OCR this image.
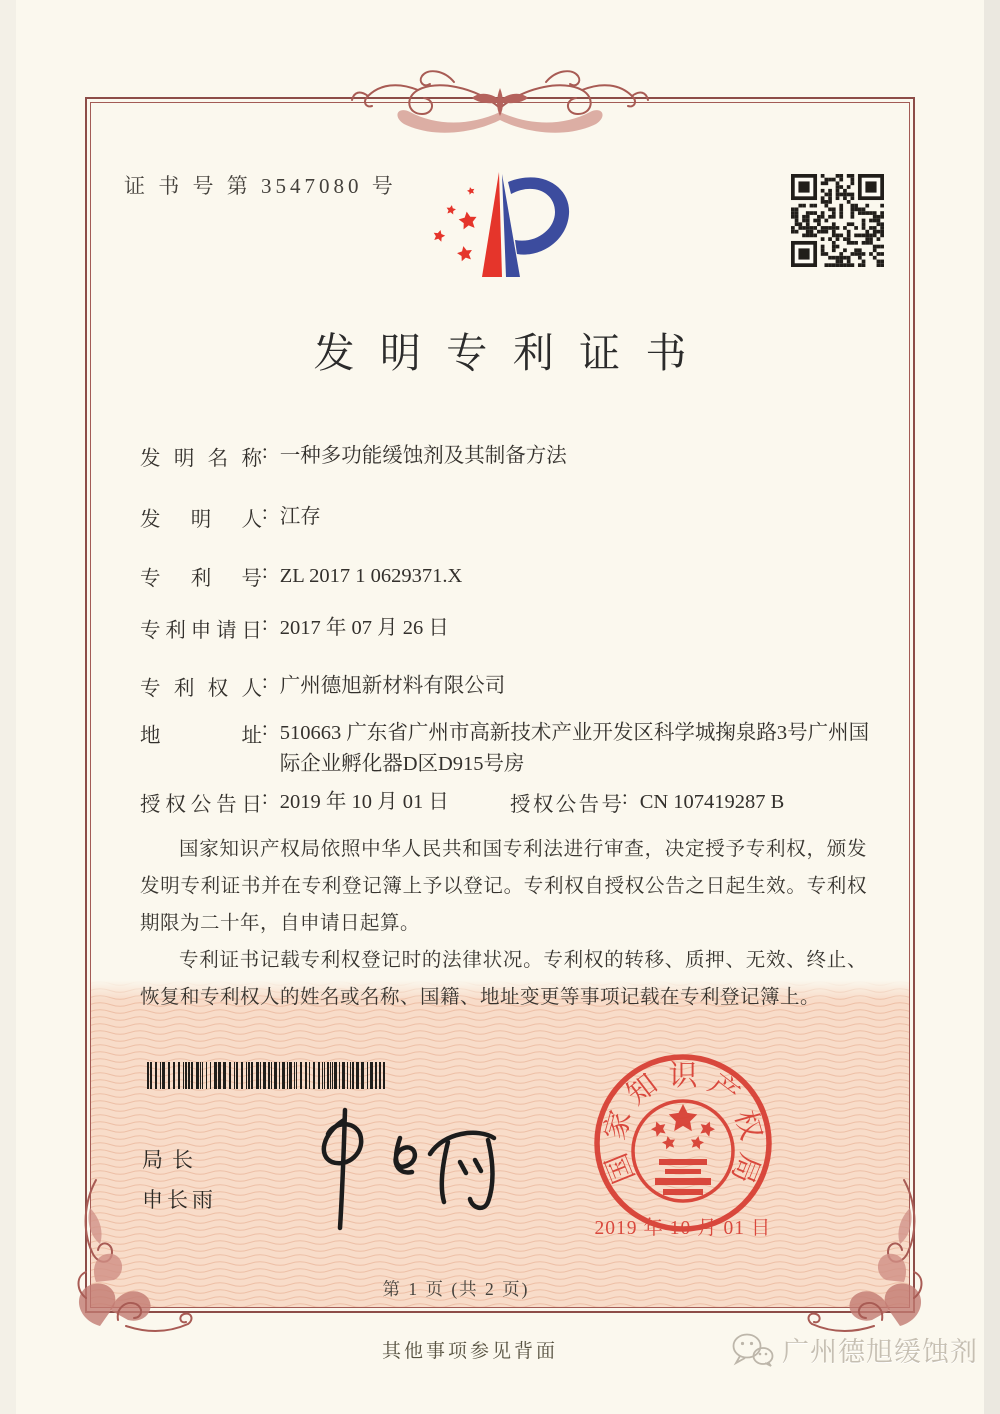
证 书 号 第 3547080 号
发明专利证书
发明名称: 一种多功能缓蚀剂及其制备方法
发明人: 江存
专利号: ZL 2017 1 0629371.X
专利申请日: 2017 年 07 月 26 日
专利权人: 广州德旭新材料有限公司
地址: 510663 广东省广州市高新技术产业开发区科学城掬泉路3号广州国际企业孵化器D区D915号房
授权公告日: 2019 年 10 月 01 日	授权公告号: CN 107419287 B

国家知识产权局依照中华人民共和国专利法进行审查，决定授予专利权，颁发发明专利证书并在专利登记簿上予以登记。专利权自授权公告之日起生效。专利权期限为二十年，自申请日起算。

专利证书记载专利权登记时的法律状况。专利权的转移、质押、无效、终止、恢复和专利权人的姓名或名称、国籍、地址变更等事项记载在专利登记簿上。

局长
申长雨
国
家
知 识 产
权
局
2019 年 10 月 01 日
第 1 页 (共 2 页)
其他事项参见背面	广州德旭缓蚀剂
